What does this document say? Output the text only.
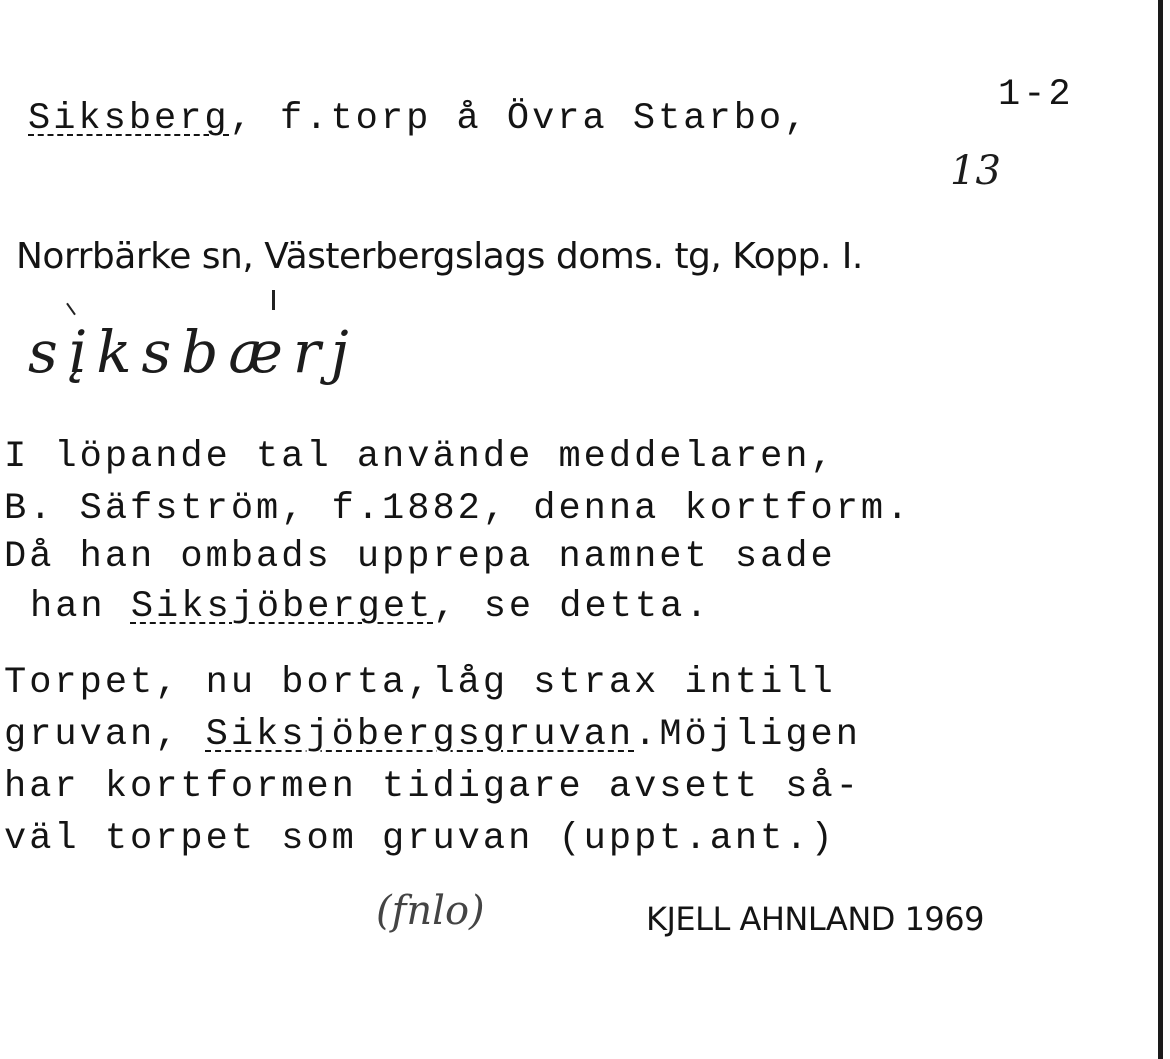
Siksberg, f.torp å Övra Starbo,
1-2
13
Norrbärke sn, Västerbergslags doms. tg, Kopp. I.
sįksbærj
I löpande tal använde meddelaren,
B. Säfström, f.1882, denna kortform.
Då han ombads upprepa namnet sade
han Siksjöberget, se detta.
Torpet, nu borta,låg strax intill
gruvan, Siksjöbergsgruvan.Möjligen
har kortformen tidigare avsett så-
väl torpet som gruvan (uppt.ant.)
(fnlo)	KJELL AHNLAND 1969
